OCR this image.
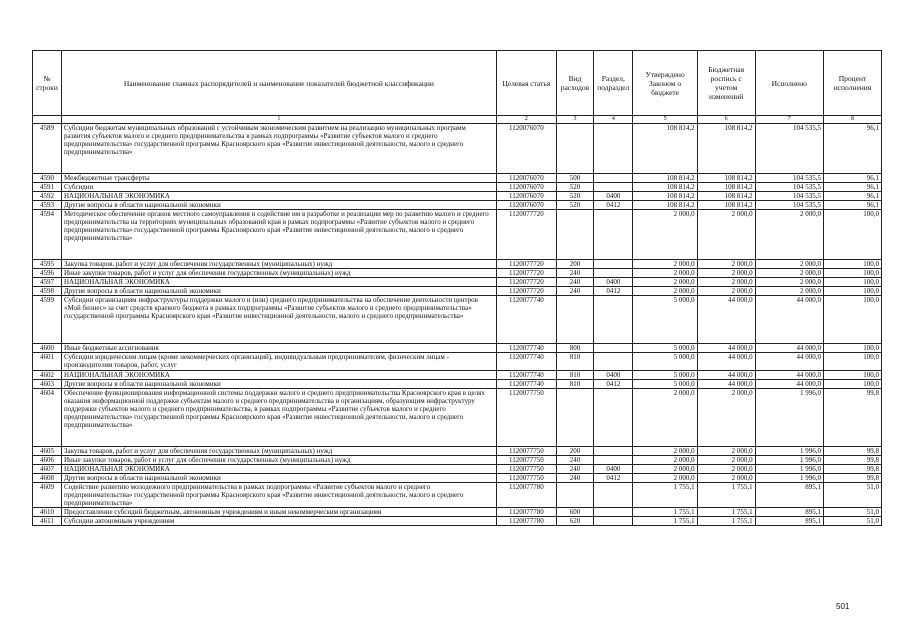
№ строки	Наименование главных распорядителей и наименование показателей бюджетной классификации	Целевая статья	Вид расходов	Раздел, подраздел	Утверждено Законом о бюджете	Бюджетная роспись с учетом изменений	Исполнено	Процент исполнения
	1	2	3	4	5	6	7	8
4589	Субсидии бюджетам муниципальных образований с устойчивым экономическим развитием на реализацию муниципальных программ развития субъектов малого и среднего предпринимательства в рамках подпрограммы «Развитие субъектов малого и среднего предпринимательства» государственной программы Красноярского края «Развитие инвестиционной деятельности, малого и среднего предпринимательства»	1120076070			108 814,2	108 814,2	104 535,5	96,1
4590	Межбюджетные трансферты	1120076070	500		108 814,2	108 814,2	104 535,5	96,1
4591	Субсидии	1120076070	520		108 814,2	108 814,2	104 535,5	96,1
4592	НАЦИОНАЛЬНАЯ ЭКОНОМИКА	1120076070	520	0400	108 814,2	108 814,2	104 535,5	96,1
4593	Другие вопросы в области национальной экономики	1120076070	520	0412	108 814,2	108 814,2	104 535,5	96,1
4594	Методическое обеспечение органов местного самоуправления и содействие им в разработке и реализации мер по развитию малого и среднего предпринимательства на территориях муниципальных образований края в рамках подпрограммы «Развитие субъектов малого и среднего предпринимательства» государственной программы Красноярского края «Развитие инвестиционной деятельности, малого и среднего предпринимательства»	1120077720			2 000,0	2 000,0	2 000,0	100,0
4595	Закупка товаров, работ и услуг для обеспечения государственных (муниципальных) нужд	1120077720	200		2 000,0	2 000,0	2 000,0	100,0
4596	Иные закупки товаров, работ и услуг для обеспечения государственных (муниципальных) нужд	1120077720	240		2 000,0	2 000,0	2 000,0	100,0
4597	НАЦИОНАЛЬНАЯ ЭКОНОМИКА	1120077720	240	0400	2 000,0	2 000,0	2 000,0	100,0
4598	Другие вопросы в области национальной экономики	1120077720	240	0412	2 000,0	2 000,0	2 000,0	100,0
4599	Субсидии организациям инфраструктуры поддержки малого и (или) среднего предпринимательства на обеспечение деятельности центров «Мой бизнес» за счет средств краевого бюджета в рамках подпрограммы «Развитие субъектов малого и среднего предпринимательства» государственной программы Красноярского края «Развитие инвестиционной деятельности, малого и среднего предпринимательства»	1120077740			5 000,0	44 000,0	44 000,0	100,0
4600	Иные бюджетные ассигнования	1120077740	800		5 000,0	44 000,0	44 000,0	100,0
4601	Субсидии юридическим лицам (кроме некоммерческих организаций), индивидуальным предпринимателям, физическим лицам - производителям товаров, работ, услуг	1120077740	810		5 000,0	44 000,0	44 000,0	100,0
4602	НАЦИОНАЛЬНАЯ ЭКОНОМИКА	1120077740	810	0400	5 000,0	44 000,0	44 000,0	100,0
4603	Другие вопросы в области национальной экономики	1120077740	810	0412	5 000,0	44 000,0	44 000,0	100,0
4604	Обеспечение функционирования информационной системы поддержки малого и среднего предпринимательства Красноярского края в целях оказания информационной поддержки субъектам малого и среднего предпринимательства и организациям, образующим инфраструктуру поддержки субъектов малого и среднего предпринимательства, в рамках подпрограммы «Развитие субъектов малого и среднего предпринимательства» государственной программы Красноярского края «Развитие инвестиционной деятельности, малого и среднего предпринимательства»	1120077750			2 000,0	2 000,0	1 996,0	99,8
4605	Закупка товаров, работ и услуг для обеспечения государственных (муниципальных) нужд	1120077750	200		2 000,0	2 000,0	1 996,0	99,8
4606	Иные закупки товаров, работ и услуг для обеспечения государственных (муниципальных) нужд	1120077750	240		2 000,0	2 000,0	1 996,0	99,8
4607	НАЦИОНАЛЬНАЯ ЭКОНОМИКА	1120077750	240	0400	2 000,0	2 000,0	1 996,0	99,8
4608	Другие вопросы в области национальной экономики	1120077750	240	0412	2 000,0	2 000,0	1 996,0	99,8
4609	Содействие развитию молодежного предпринимательства в рамках подпрограммы «Развитие субъектов малого и среднего предпринимательства» государственной программы Красноярского края «Развитие инвестиционной деятельности, малого и среднего предпринимательства»	1120077780			1 755,1	1 755,1	895,1	51,0
4610	Предоставление субсидий бюджетным, автономным учреждениям и иным некоммерческим организациям	1120077780	600		1 755,1	1 755,1	895,1	51,0
4611	Субсидии автономным учреждениям	1120077780	620		1 755,1	1 755,1	895,1	51,0
501
